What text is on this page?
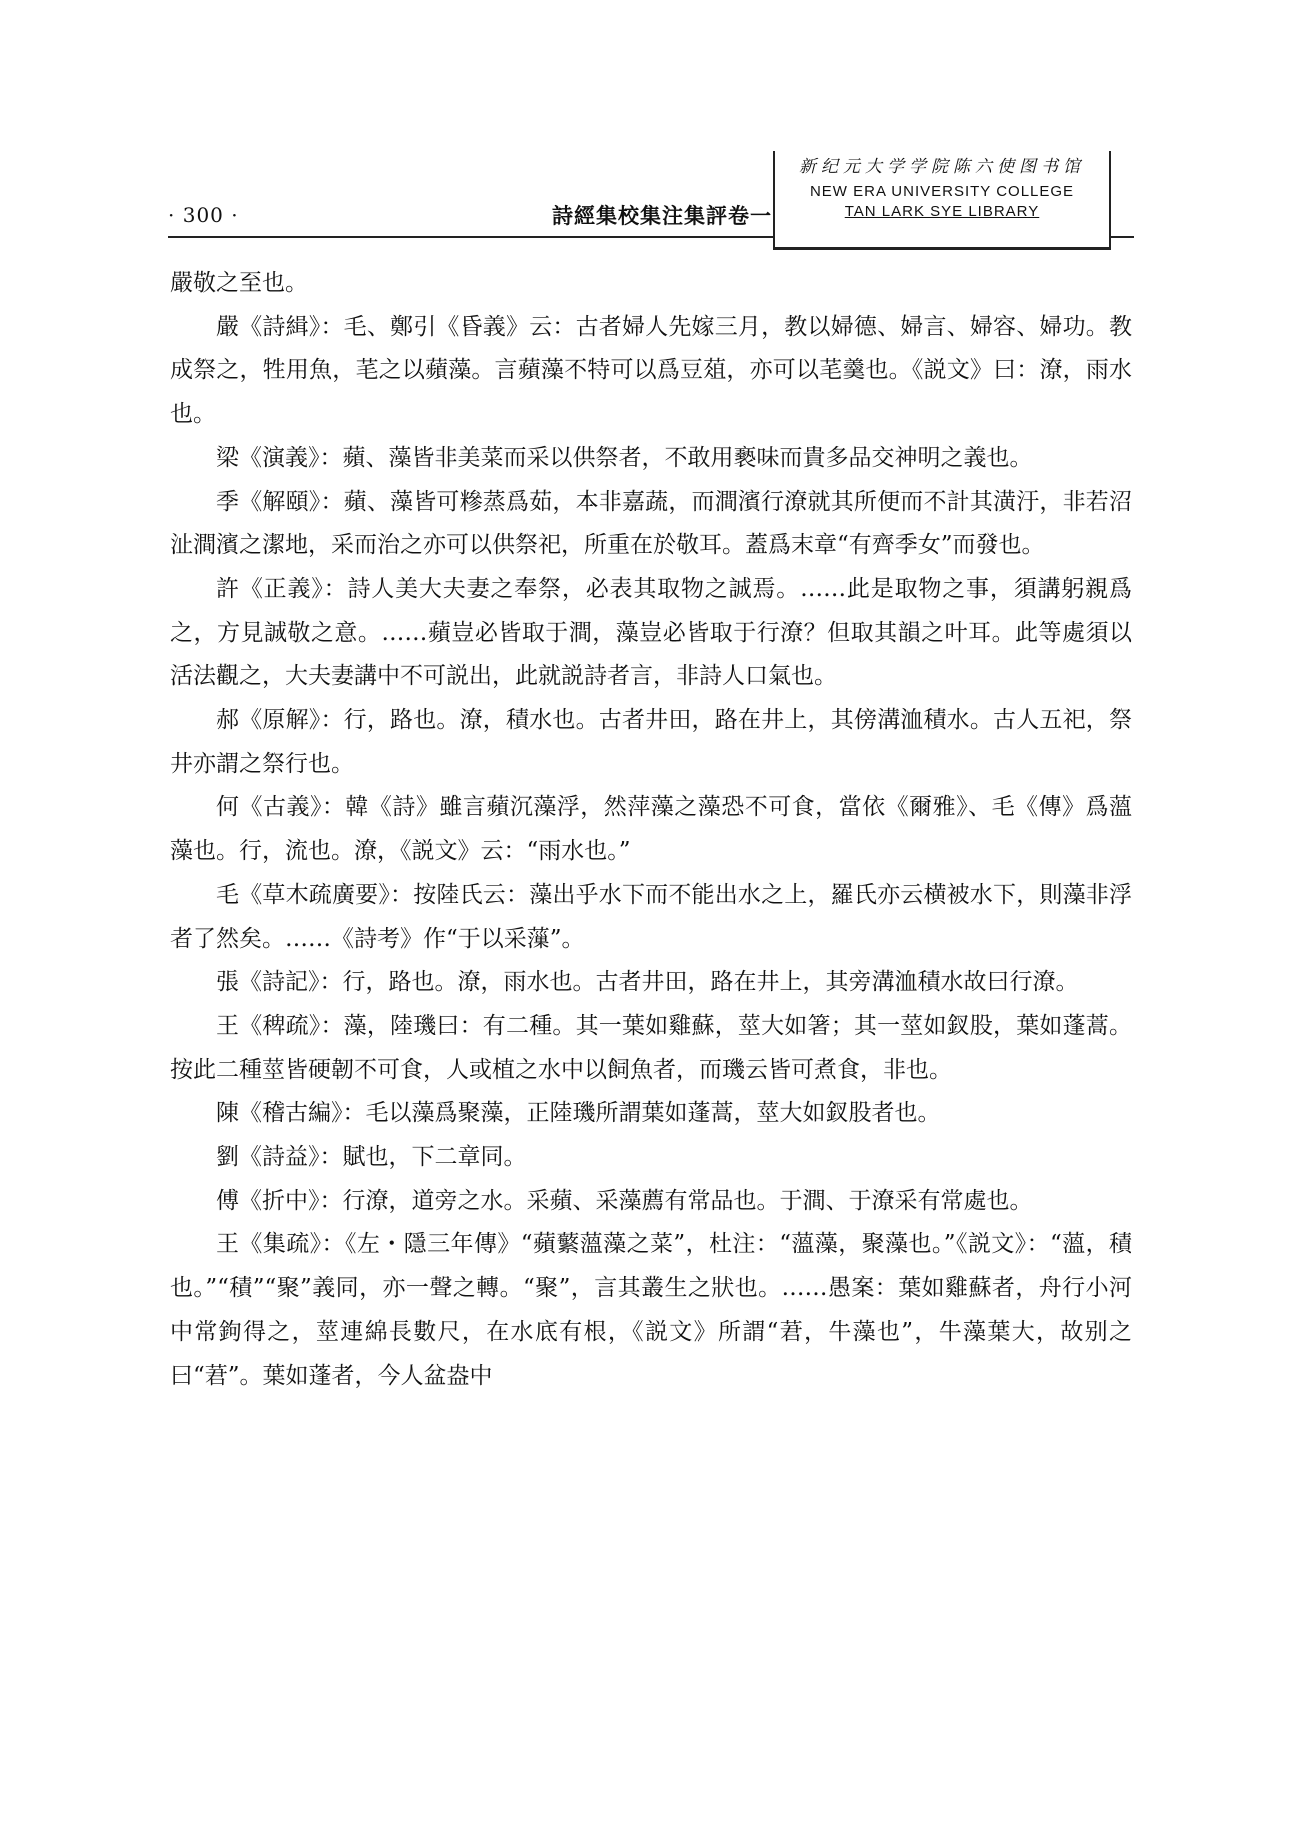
· 300 ·	詩經集校集注集評卷一
新纪元大学学院陈六使图书馆
NEW ERA UNIVERSITY COLLEGE
TAN LARK SYE LIBRARY

嚴敬之至也。

嚴《詩緝》：毛、鄭引《昏義》云：古者婦人先嫁三月，教以婦德、婦言、婦容、婦功。教成祭之，牲用魚，芼之以蘋藻。言蘋藻不特可以爲豆葅，亦可以芼羹也。《説文》曰：潦，雨水也。

梁《演義》：蘋、藻皆非美菜而采以供祭者，不敢用褻味而貴多品交神明之義也。

季《解頤》：蘋、藻皆可糝蒸爲茹，本非嘉蔬，而澗濱行潦就其所便而不計其潢汙，非若沼沚澗濱之潔地，采而治之亦可以供祭祀，所重在於敬耳。蓋爲末章“有齊季女”而發也。

許《正義》：詩人美大夫妻之奉祭，必表其取物之誠焉。……此是取物之事，須講躬親爲之，方見誠敬之意。……蘋豈必皆取于澗，藻豈必皆取于行潦？但取其韻之叶耳。此等處須以活法觀之，大夫妻講中不可説出，此就説詩者言，非詩人口氣也。

郝《原解》：行，路也。潦，積水也。古者井田，路在井上，其傍溝洫積水。古人五祀，祭井亦謂之祭行也。

何《古義》：韓《詩》雖言蘋沉藻浮，然萍藻之藻恐不可食，當依《爾雅》、毛《傳》爲薀藻也。行，流也。潦，《説文》云：“雨水也。”

毛《草木疏廣要》：按陸氏云：藻出乎水下而不能出水之上，羅氏亦云横被水下，則藻非浮者了然矣。……《詩考》作“于以采薻”。

張《詩記》：行，路也。潦，雨水也。古者井田，路在井上，其旁溝洫積水故曰行潦。

王《稗疏》：藻，陸璣曰：有二種。其一葉如雞蘇，莖大如箸；其一莖如釵股，葉如蓬蒿。按此二種莖皆硬韌不可食，人或植之水中以飼魚者，而璣云皆可煮食，非也。

陳《稽古編》：毛以藻爲聚藻，正陸璣所謂葉如蓬蒿，莖大如釵股者也。

劉《詩益》：賦也，下二章同。

傅《折中》：行潦，道旁之水。采蘋、采藻薦有常品也。于澗、于潦采有常處也。

王《集疏》：《左・隱三年傳》“蘋蘩薀藻之菜”，杜注：“薀藻，聚藻也。”《説文》：“薀，積也。”“積”“聚”義同，亦一聲之轉。“聚”，言其叢生之狀也。……愚案：葉如雞蘇者，舟行小河中常鉤得之，莖連綿長數尺，在水底有根，《説文》所謂“莙，牛藻也”，牛藻葉大，故别之曰“莙”。葉如蓬者，今人盆盎中
